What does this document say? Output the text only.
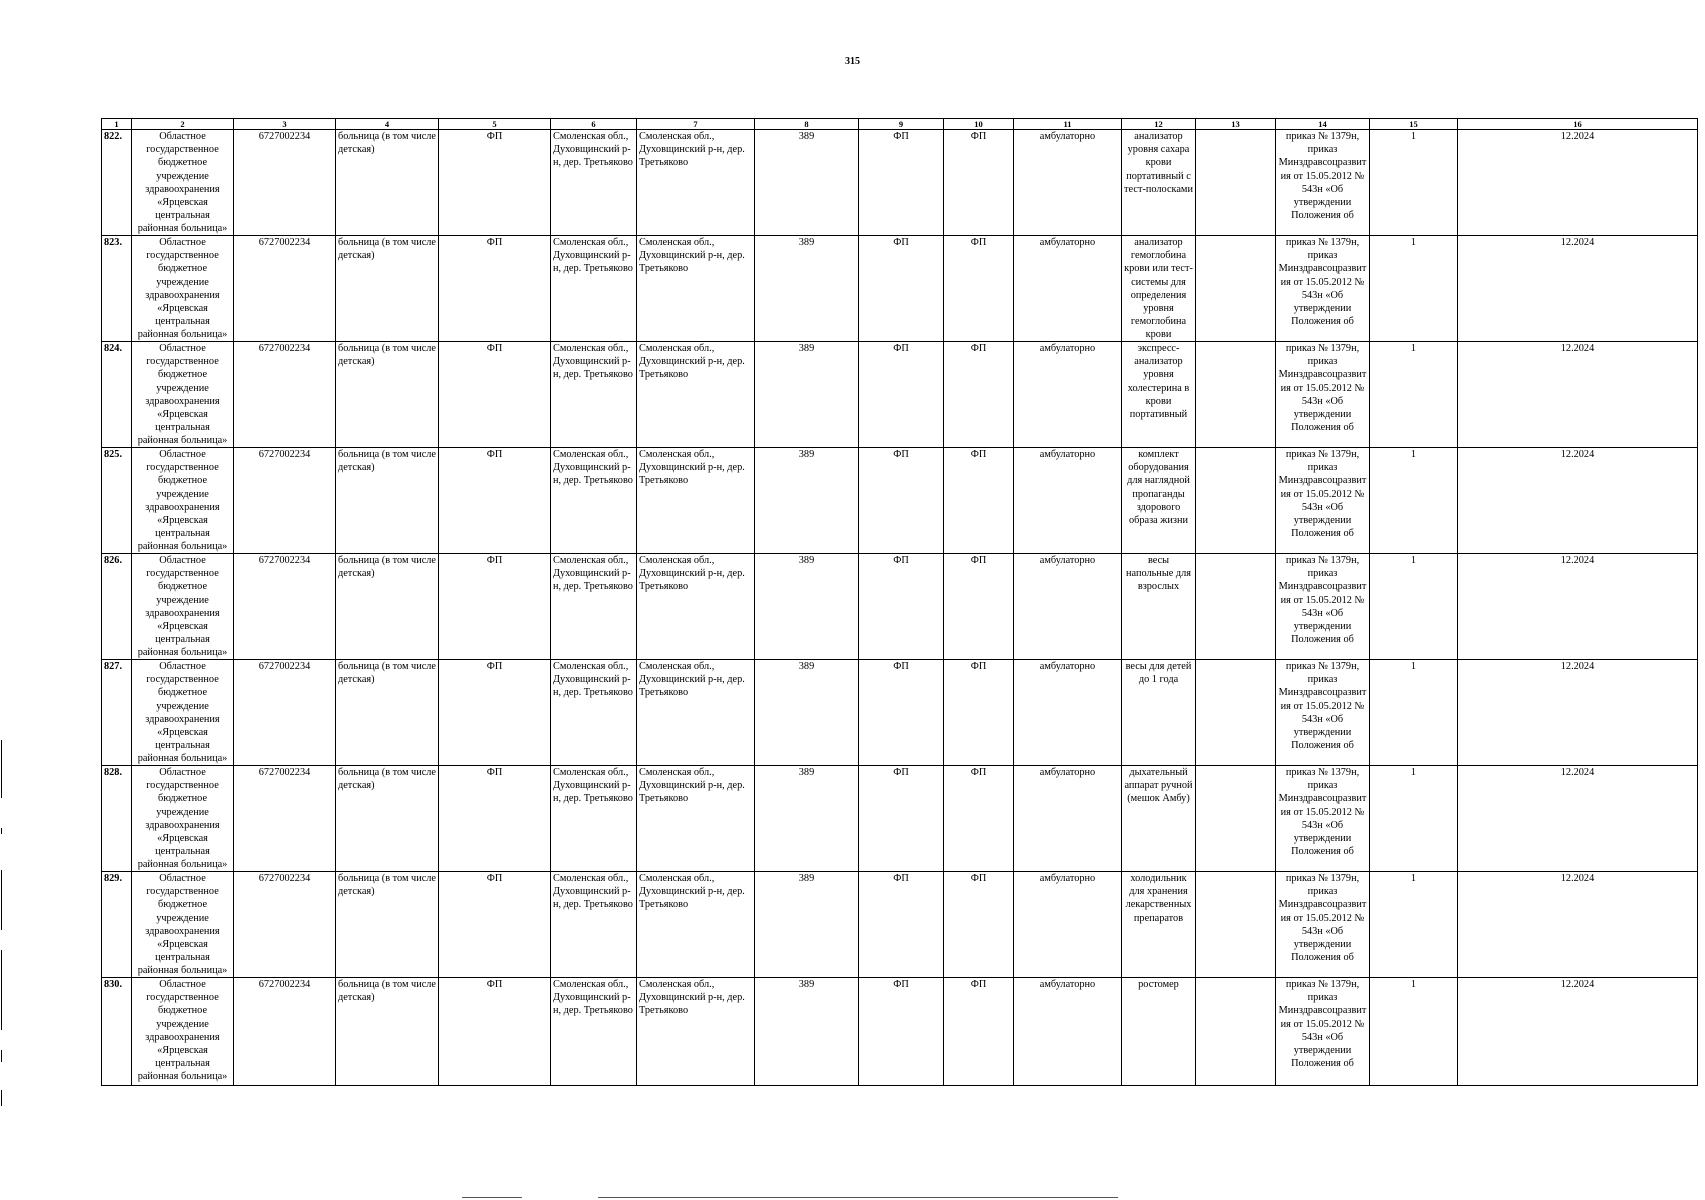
315
1	2	3	4	5	6	7	8	9	10	11	12	13	14	15	16

822.	Областное государственное бюджетное учреждение здравоохранения «Ярцевская центральная районная больница»	6727002234	больница (в том числе детская)	ФП	Смоленская обл., Духовщинский р-н, дер. Третьяково	Смоленская обл., Духовщинский р-н, дер. Третьяково	389	ФП	ФП	амбулаторно	анализатор уровня сахара крови портативный с тест-полосками		приказ № 1379н, приказ Минздравсоцразвития от 15.05.2012 № 543н «Об утверждении Положения об	1	12.2024

823.	Областное государственное бюджетное учреждение здравоохранения «Ярцевская центральная районная больница»	6727002234	больница (в том числе детская)	ФП	Смоленская обл., Духовщинский р-н, дер. Третьяково	Смоленская обл., Духовщинский р-н, дер. Третьяково	389	ФП	ФП	амбулаторно	анализатор гемоглобина крови или тест-системы для определения уровня гемоглобина крови		приказ № 1379н, приказ Минздравсоцразвития от 15.05.2012 № 543н «Об утверждении Положения об	1	12.2024

824.	Областное государственное бюджетное учреждение здравоохранения «Ярцевская центральная районная больница»	6727002234	больница (в том числе детская)	ФП	Смоленская обл., Духовщинский р-н, дер. Третьяково	Смоленская обл., Духовщинский р-н, дер. Третьяково	389	ФП	ФП	амбулаторно	экспресс-анализатор уровня холестерина в крови портативный		приказ № 1379н, приказ Минздравсоцразвития от 15.05.2012 № 543н «Об утверждении Положения об	1	12.2024

825.	Областное государственное бюджетное учреждение здравоохранения «Ярцевская центральная районная больница»	6727002234	больница (в том числе детская)	ФП	Смоленская обл., Духовщинский р-н, дер. Третьяково	Смоленская обл., Духовщинский р-н, дер. Третьяково	389	ФП	ФП	амбулаторно	комплект оборудования для наглядной пропаганды здорового образа жизни		приказ № 1379н, приказ Минздравсоцразвития от 15.05.2012 № 543н «Об утверждении Положения об	1	12.2024

826.	Областное государственное бюджетное учреждение здравоохранения «Ярцевская центральная районная больница»	6727002234	больница (в том числе детская)	ФП	Смоленская обл., Духовщинский р-н, дер. Третьяково	Смоленская обл., Духовщинский р-н, дер. Третьяково	389	ФП	ФП	амбулаторно	весы напольные для взрослых		приказ № 1379н, приказ Минздравсоцразвития от 15.05.2012 № 543н «Об утверждении Положения об	1	12.2024

827.	Областное государственное бюджетное учреждение здравоохранения «Ярцевская центральная районная больница»	6727002234	больница (в том числе детская)	ФП	Смоленская обл., Духовщинский р-н, дер. Третьяково	Смоленская обл., Духовщинский р-н, дер. Третьяково	389	ФП	ФП	амбулаторно	весы для детей до 1 года		приказ № 1379н, приказ Минздравсоцразвития от 15.05.2012 № 543н «Об утверждении Положения об	1	12.2024

828.	Областное государственное бюджетное учреждение здравоохранения «Ярцевская центральная районная больница»	6727002234	больница (в том числе детская)	ФП	Смоленская обл., Духовщинский р-н, дер. Третьяково	Смоленская обл., Духовщинский р-н, дер. Третьяково	389	ФП	ФП	амбулаторно	дыхательный аппарат ручной (мешок Амбу)		приказ № 1379н, приказ Минздравсоцразвития от 15.05.2012 № 543н «Об утверждении Положения об	1	12.2024

829.	Областное государственное бюджетное учреждение здравоохранения «Ярцевская центральная районная больница»	6727002234	больница (в том числе детская)	ФП	Смоленская обл., Духовщинский р-н, дер. Третьяково	Смоленская обл., Духовщинский р-н, дер. Третьяково	389	ФП	ФП	амбулаторно	холодильник для хранения лекарственных препаратов		приказ № 1379н, приказ Минздравсоцразвития от 15.05.2012 № 543н «Об утверждении Положения об	1	12.2024

830.	Областное государственное бюджетное учреждение здравоохранения «Ярцевская центральная районная больница»	6727002234	больница (в том числе детская)	ФП	Смоленская обл., Духовщинский р-н, дер. Третьяково	Смоленская обл., Духовщинский р-н, дер. Третьяково	389	ФП	ФП	амбулаторно	ростомер		приказ № 1379н, приказ Минздравсоцразвития от 15.05.2012 № 543н «Об утверждении Положения об	1	12.2024
